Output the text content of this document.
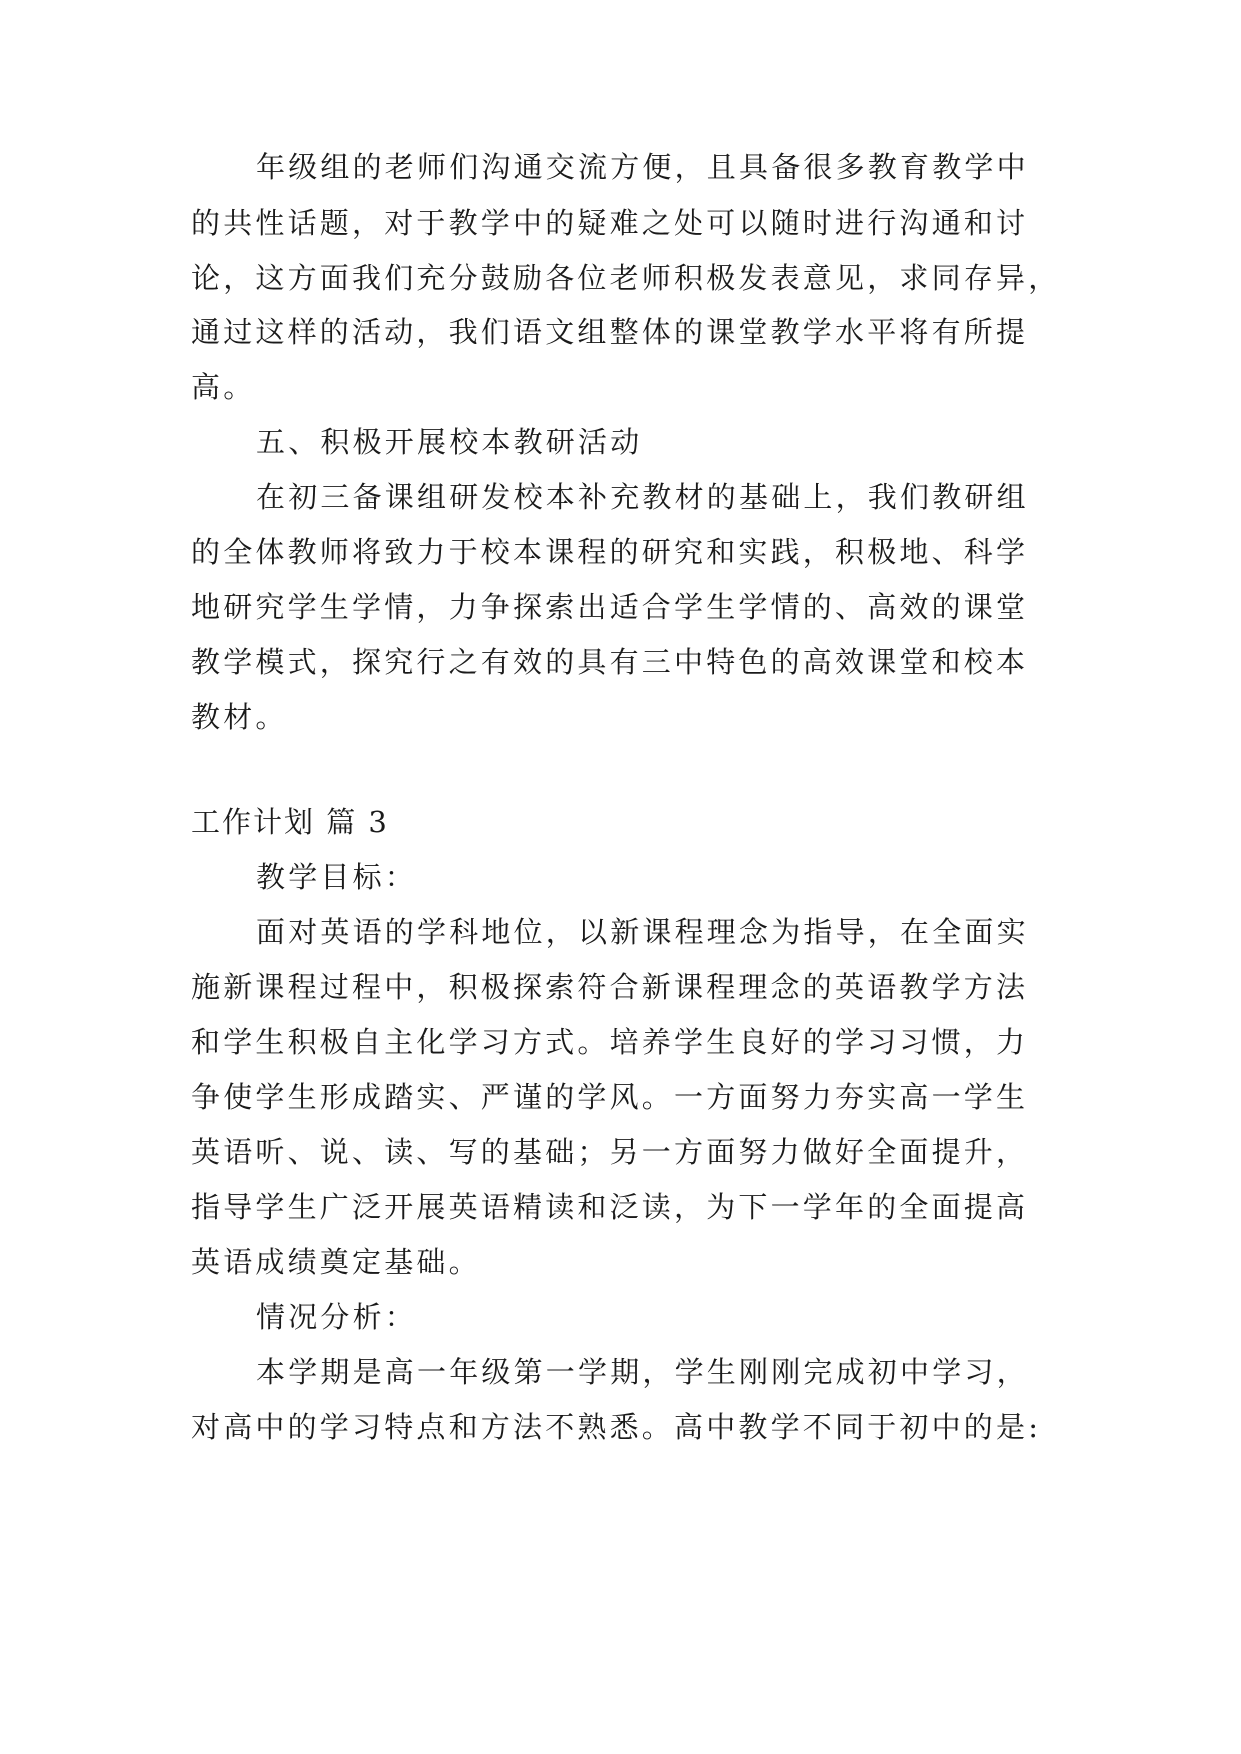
年级组的老师们沟通交流方便，且具备很多教育教学中
的共性话题，对于教学中的疑难之处可以随时进行沟通和讨
论，这方面我们充分鼓励各位老师积极发表意见，求同存异，
通过这样的活动，我们语文组整体的课堂教学水平将有所提
高。
五、积极开展校本教研活动
在初三备课组研发校本补充教材的基础上，我们教研组
的全体教师将致力于校本课程的研究和实践，积极地、科学
地研究学生学情，力争探索出适合学生学情的、高效的课堂
教学模式，探究行之有效的具有三中特色的高效课堂和校本
教材。
工作计划 篇 3
教学目标：
面对英语的学科地位，以新课程理念为指导，在全面实
施新课程过程中，积极探索符合新课程理念的英语教学方法
和学生积极自主化学习方式。培养学生良好的学习习惯，力
争使学生形成踏实、严谨的学风。一方面努力夯实高一学生
英语听、说、读、写的基础；另一方面努力做好全面提升，
指导学生广泛开展英语精读和泛读，为下一学年的全面提高
英语成绩奠定基础。
情况分析：
本学期是高一年级第一学期，学生刚刚完成初中学习，
对高中的学习特点和方法不熟悉。高中教学不同于初中的是:
